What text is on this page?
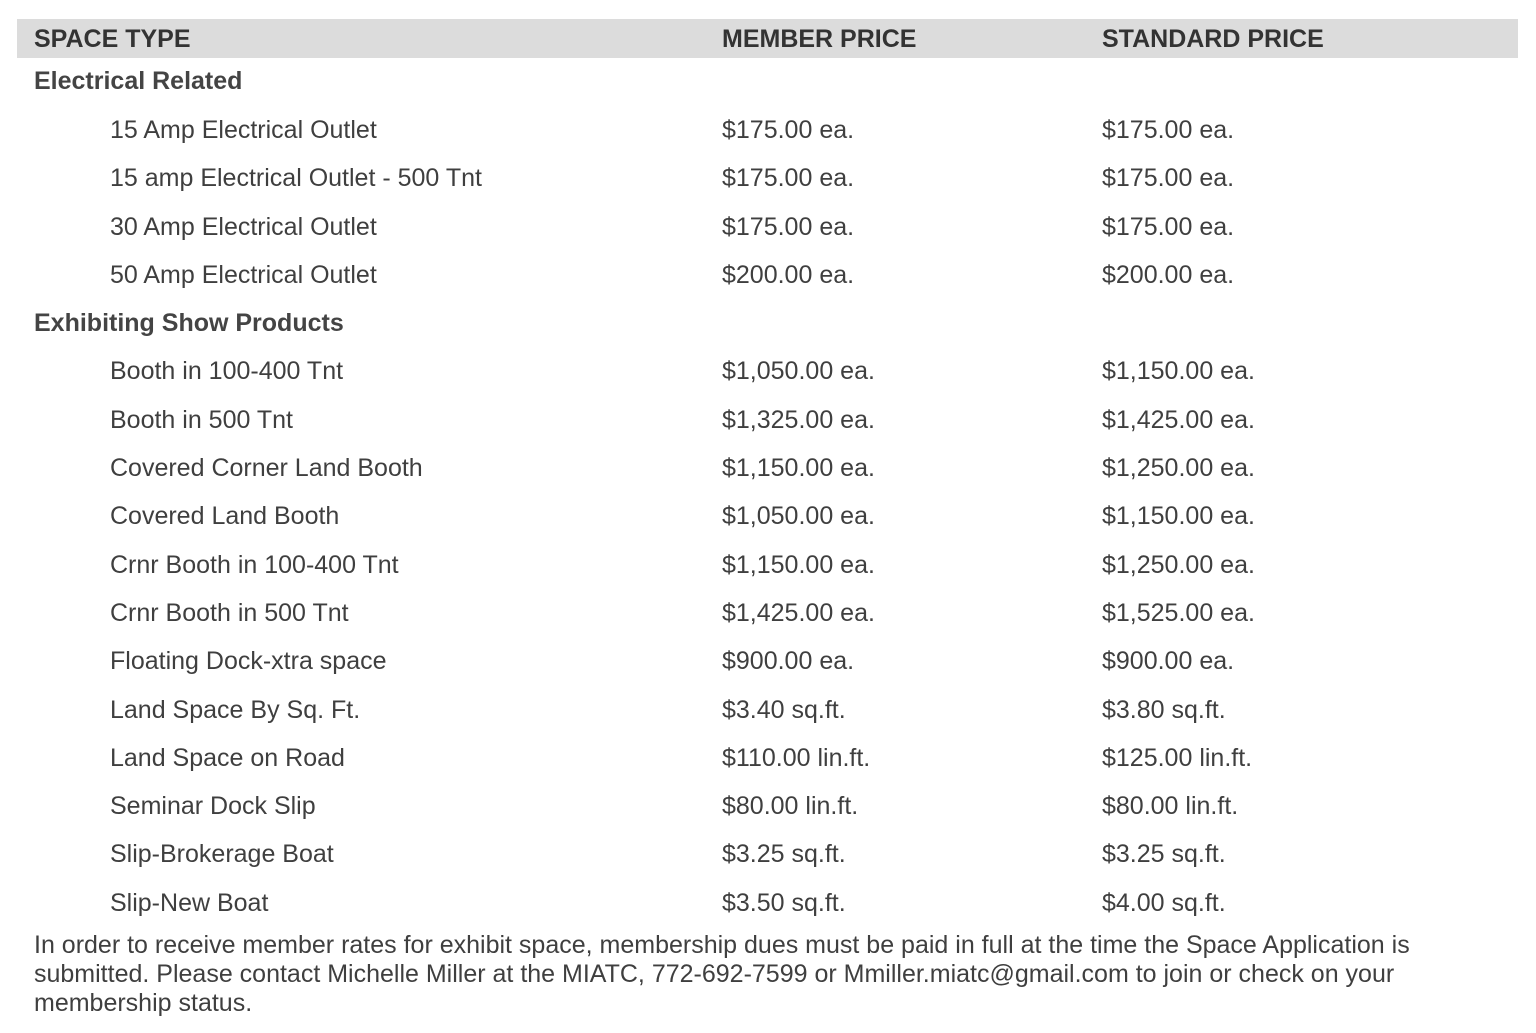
SPACE TYPE	MEMBER PRICE	STANDARD PRICE
Electrical Related
15 Amp Electrical Outlet	$175.00 ea.	$175.00 ea.
15 amp Electrical Outlet - 500 Tnt	$175.00 ea.	$175.00 ea.
30 Amp Electrical Outlet	$175.00 ea.	$175.00 ea.
50 Amp Electrical Outlet	$200.00 ea.	$200.00 ea.
Exhibiting Show Products
Booth in 100-400 Tnt	$1,050.00 ea.	$1,150.00 ea.
Booth in 500 Tnt	$1,325.00 ea.	$1,425.00 ea.
Covered Corner Land Booth	$1,150.00 ea.	$1,250.00 ea.
Covered Land Booth	$1,050.00 ea.	$1,150.00 ea.
Crnr Booth in 100-400 Tnt	$1,150.00 ea.	$1,250.00 ea.
Crnr Booth in 500 Tnt	$1,425.00 ea.	$1,525.00 ea.
Floating Dock-xtra space	$900.00 ea.	$900.00 ea.
Land Space By Sq. Ft.	$3.40 sq.ft.	$3.80 sq.ft.
Land Space on Road	$110.00 lin.ft.	$125.00 lin.ft.
Seminar Dock Slip	$80.00 lin.ft.	$80.00 lin.ft.
Slip-Brokerage Boat	$3.25 sq.ft.	$3.25 sq.ft.
Slip-New Boat	$3.50 sq.ft.	$4.00 sq.ft.
In order to receive member rates for exhibit space, membership dues must be paid in full at the time the Space Application is submitted. Please contact Michelle Miller at the MIATC, 772-692-7599 or Mmiller.miatc@gmail.com to join or check on your membership status.
